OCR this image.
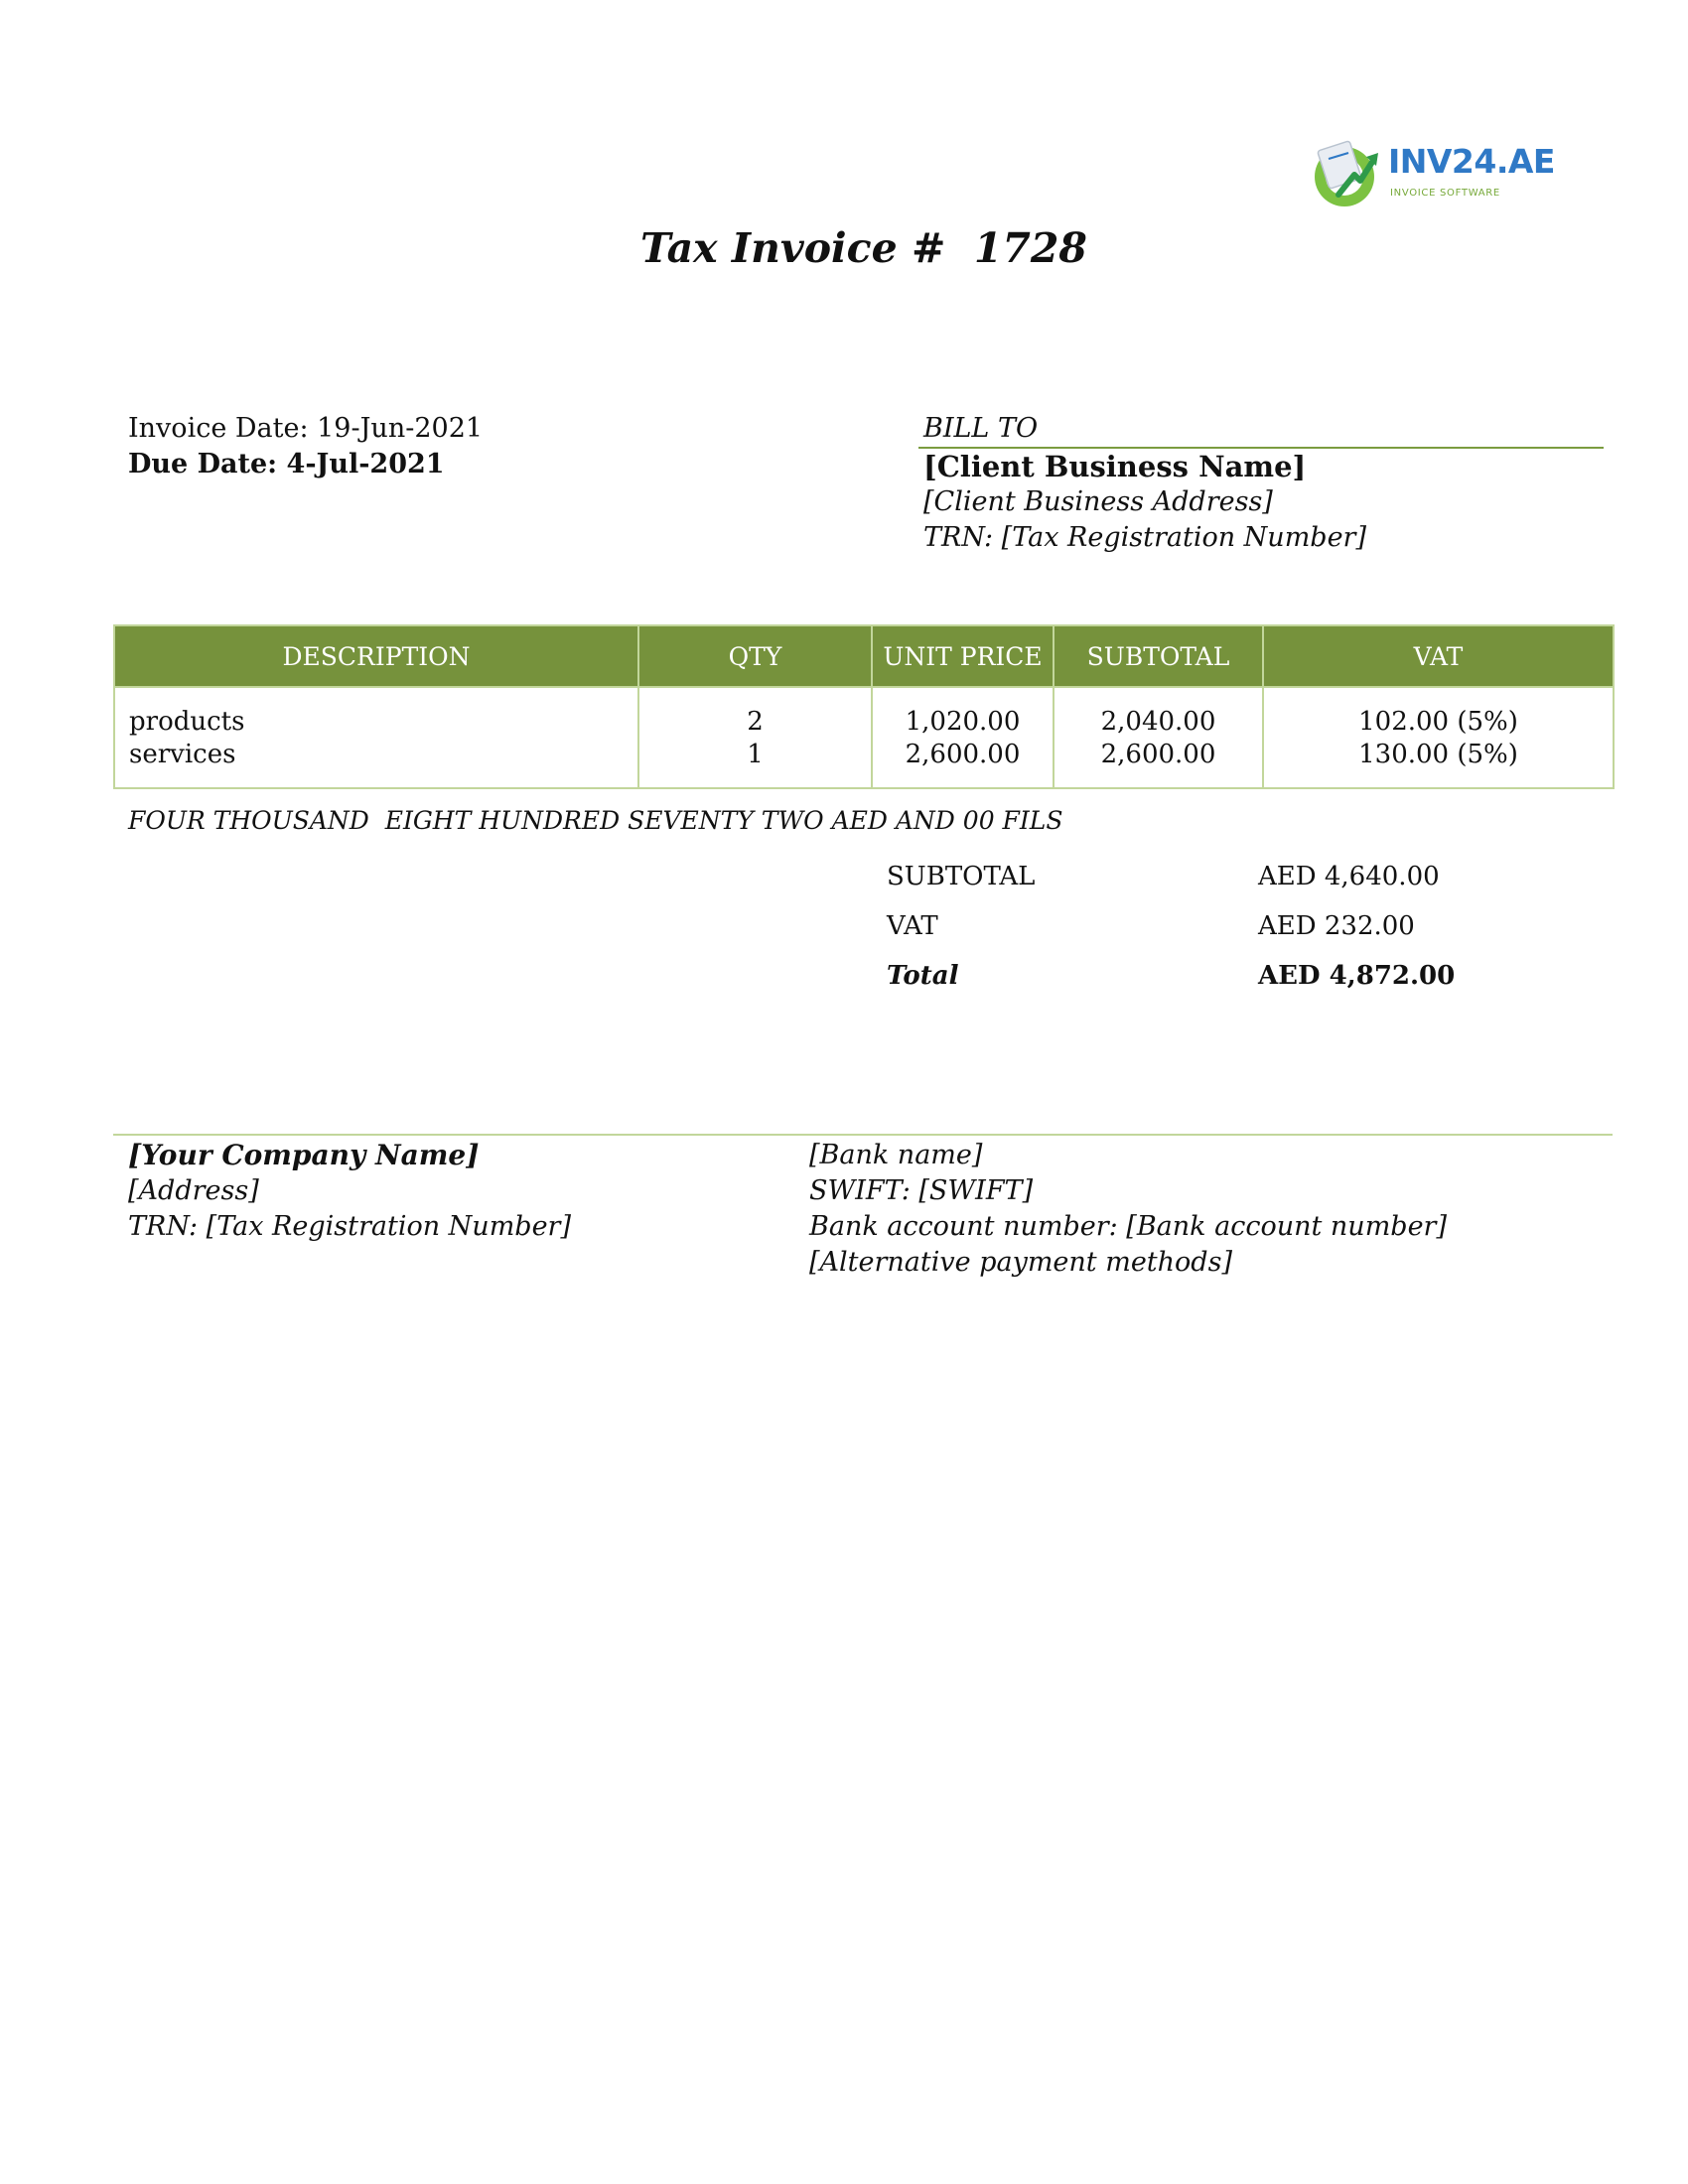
INV24.AE
INVOICE SOFTWARE
Tax Invoice #  1728
Invoice Date: 19-Jun-2021
Due Date: 4-Jul-2021
BILL TO
[Client Business Name]
[Client Business Address]
TRN: [Tax Registration Number]
DESCRIPTION	QTY	UNIT PRICE	SUBTOTAL	VAT
products	2	1,020.00	2,040.00	102.00 (5%)
services	1	2,600.00	2,600.00	130.00 (5%)
FOUR THOUSAND  EIGHT HUNDRED SEVENTY TWO AED AND 00 FILS
SUBTOTAL	AED 4,640.00
VAT	AED 232.00
Total	AED 4,872.00
[Your Company Name]
[Address]
TRN: [Tax Registration Number]
[Bank name]
SWIFT: [SWIFT]
Bank account number: [Bank account number]
[Alternative payment methods]
